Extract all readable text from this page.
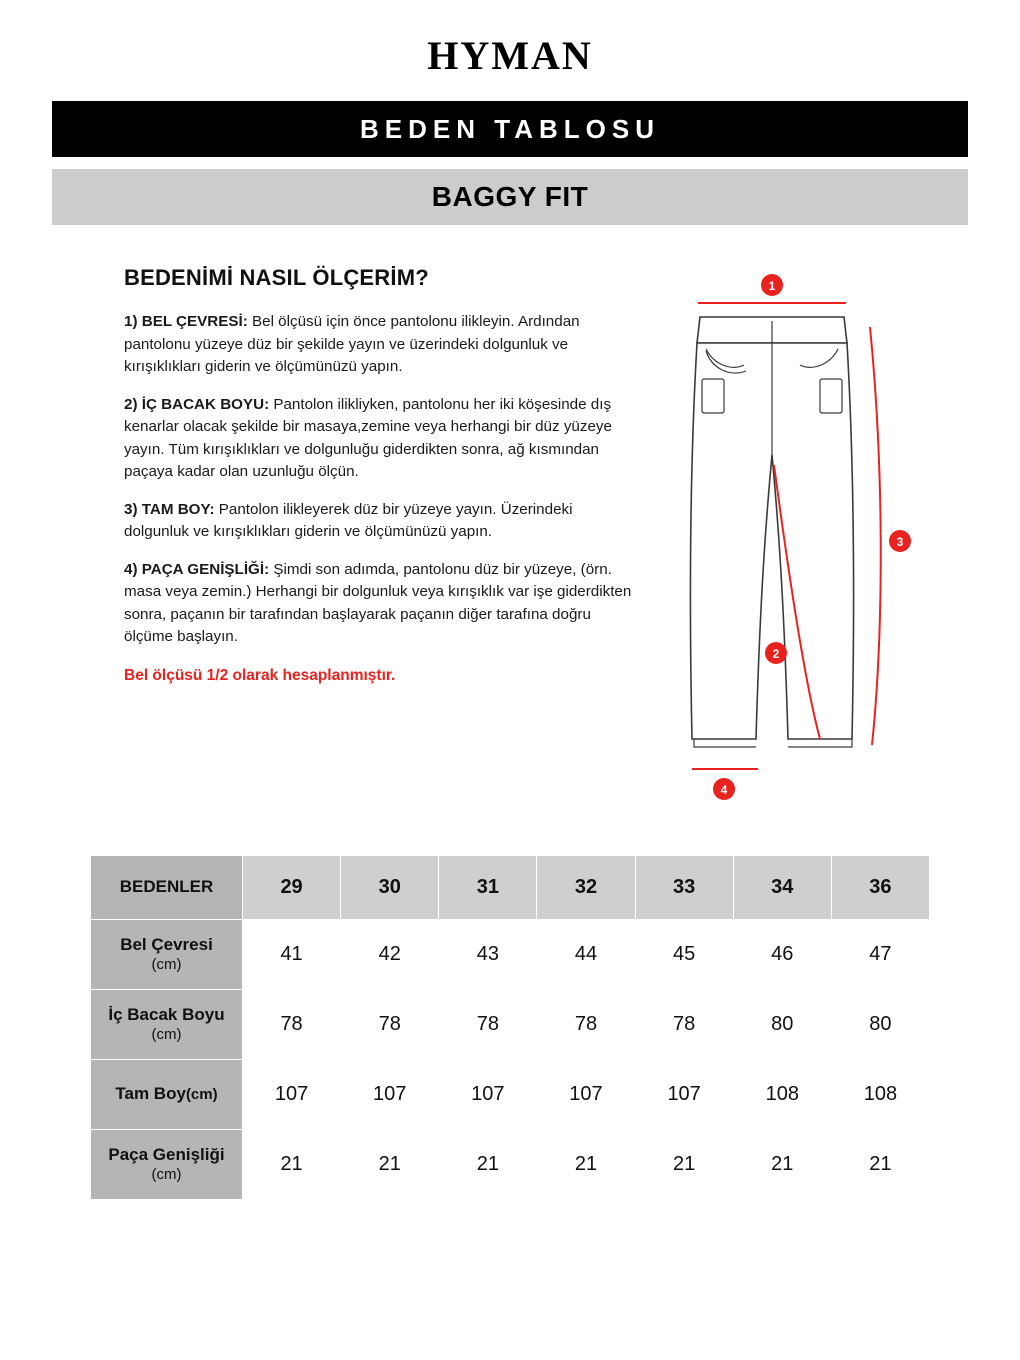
HYMAN
BEDEN TABLOSU
BAGGY FIT
BEDENİMİ NASIL ÖLÇERİM?
1) BEL ÇEVRESİ: Bel ölçüsü için önce pantolonu ilikleyin. Ardından pantolonu yüzeye düz bir şekilde yayın ve üzerindeki dolgunluk ve kırışıklıkları giderin ve ölçümünüzü yapın.
2) İÇ BACAK BOYU: Pantolon ilikliyken, pantolonu her iki köşesinde dış kenarlar olacak şekilde bir masaya,zemine veya herhangi bir düz yüzeye yayın. Tüm kırışıklıkları ve dolgunluğu giderdikten sonra, ağ kısmından paçaya kadar olan uzunluğu ölçün.
3) TAM BOY: Pantolon ilikleyerek düz bir yüzeye yayın. Üzerindeki dolgunluk ve kırışıklıkları giderin ve ölçümünüzü yapın.
4) PAÇA GENİŞLİĞİ: Şimdi son adımda, pantolonu düz bir yüzeye, (örn. masa veya zemin.) Herhangi bir dolgunluk veya kırışıklık var işe giderdikten sonra, paçanın bir tarafından başlayarak paçanın diğer tarafına doğru ölçüme başlayın.
Bel ölçüsü 1/2 olarak hesaplanmıştır.
1
2
3
4
BEDENLER	29	30	31	32	33	34	36
Bel Çevresi
(cm)	41	42	43	44	45	46	47
İç Bacak Boyu
(cm)	78	78	78	78	78	80	80
Tam Boy(cm)	107	107	107	107	107	108	108
Paça Genişliği
(cm)	21	21	21	21	21	21	21
